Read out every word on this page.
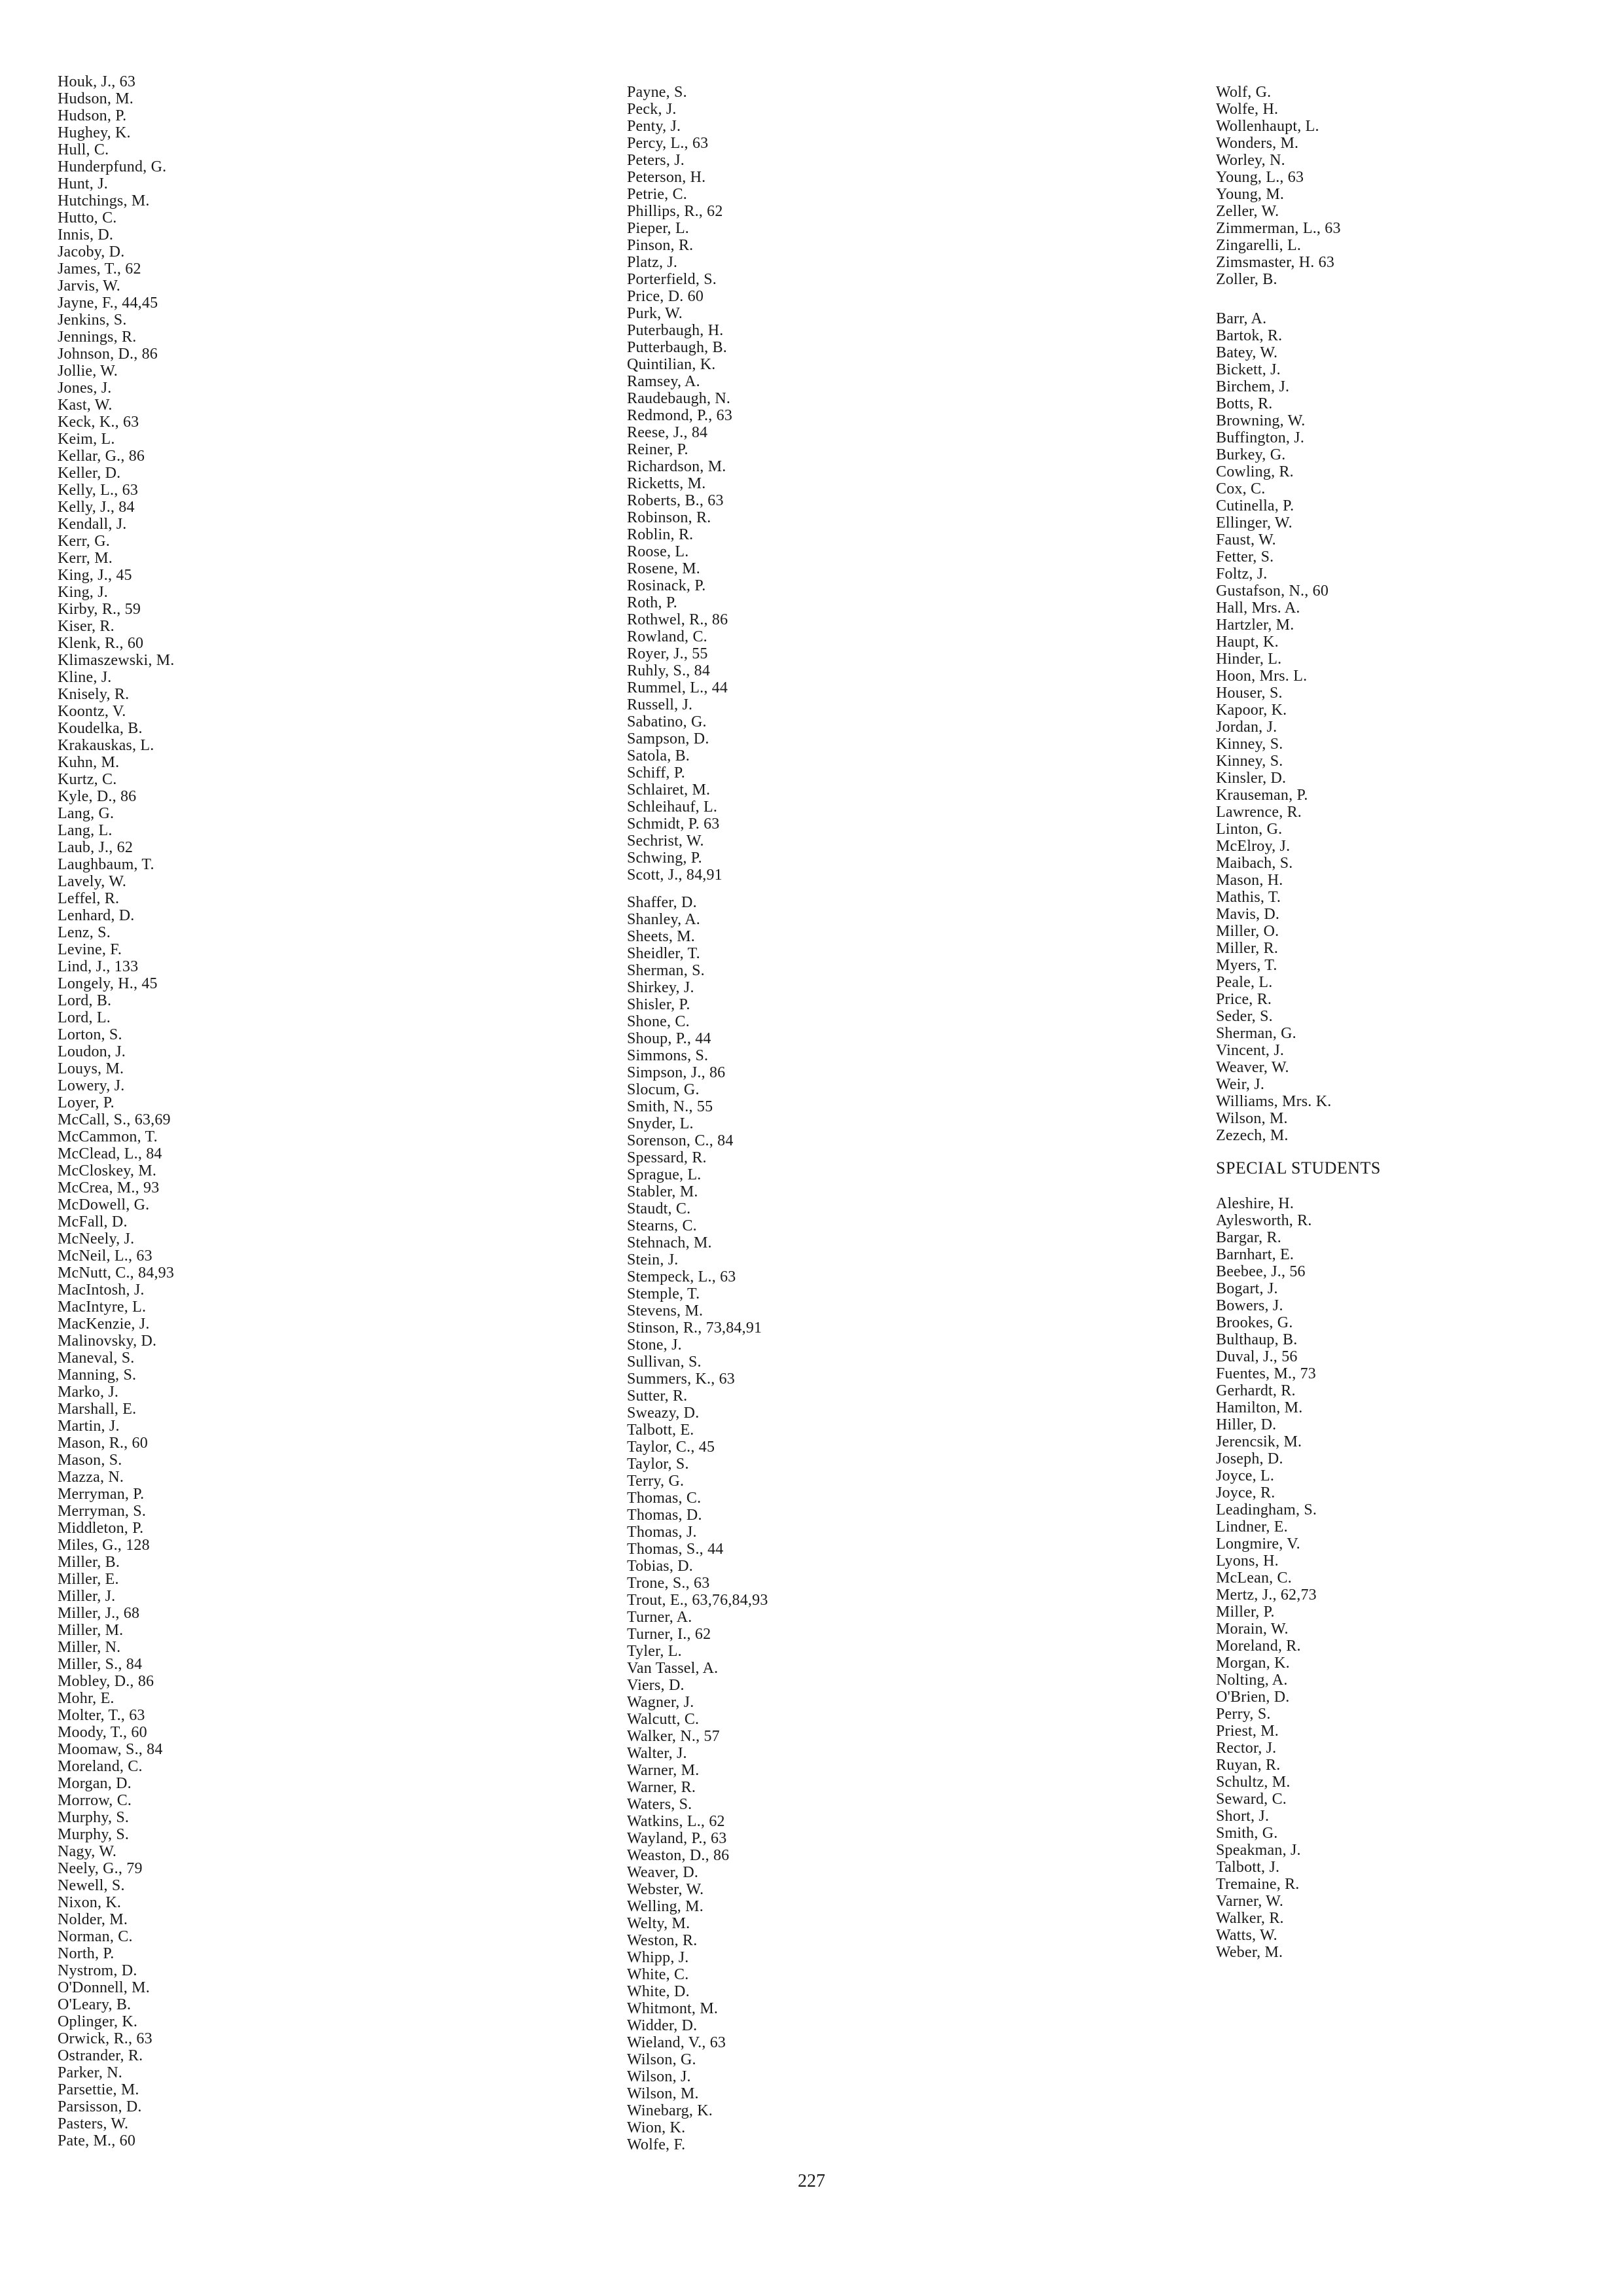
Houk, J., 63
Hudson, M.
Hudson, P.
Hughey, K.
Hull, C.
Hunderpfund, G.
Hunt, J.
Hutchings, M.
Hutto, C.
Innis, D.
Jacoby, D.
James, T., 62
Jarvis, W.
Jayne, F., 44,45
Jenkins, S.
Jennings, R.
Johnson, D., 86
Jollie, W.
Jones, J.
Kast, W.
Keck, K., 63
Keim, L.
Kellar, G., 86
Keller, D.
Kelly, L., 63
Kelly, J., 84
Kendall, J.
Kerr, G.
Kerr, M.
King, J., 45
King, J.
Kirby, R., 59
Kiser, R.
Klenk, R., 60
Klimaszewski, M.
Kline, J.
Knisely, R.
Koontz, V.
Koudelka, B.
Krakauskas, L.
Kuhn, M.
Kurtz, C.
Kyle, D., 86
Lang, G.
Lang, L.
Laub, J., 62
Laughbaum, T.
Lavely, W.
Leffel, R.
Lenhard, D.
Lenz, S.
Levine, F.
Lind, J., 133
Longely, H., 45
Lord, B.
Lord, L.
Lorton, S.
Loudon, J.
Louys, M.
Lowery, J.
Loyer, P.
McCall, S., 63,69
McCammon, T.
McClead, L., 84
McCloskey, M.
McCrea, M., 93
McDowell, G.
McFall, D.
McNeely, J.
McNeil, L., 63
McNutt, C., 84,93
MacIntosh, J.
MacIntyre, L.
MacKenzie, J.
Malinovsky, D.
Maneval, S.
Manning, S.
Marko, J.
Marshall, E.
Martin, J.
Mason, R., 60
Mason, S.
Mazza, N.
Merryman, P.
Merryman, S.
Middleton, P.
Miles, G., 128
Miller, B.
Miller, E.
Miller, J.
Miller, J., 68
Miller, M.
Miller, N.
Miller, S., 84
Mobley, D., 86
Mohr, E.
Molter, T., 63
Moody, T., 60
Moomaw, S., 84
Moreland, C.
Morgan, D.
Morrow, C.
Murphy, S.
Murphy, S.
Nagy, W.
Neely, G., 79
Newell, S.
Nixon, K.
Nolder, M.
Norman, C.
North, P.
Nystrom, D.
O'Donnell, M.
O'Leary, B.
Oplinger, K.
Orwick, R., 63
Ostrander, R.
Parker, N.
Parsettie, M.
Parsisson, D.
Pasters, W.
Pate, M., 60
Payne, S.
Peck, J.
Penty, J.
Percy, L., 63
Peters, J.
Peterson, H.
Petrie, C.
Phillips, R., 62
Pieper, L.
Pinson, R.
Platz, J.
Porterfield, S.
Price, D. 60
Purk, W.
Puterbaugh, H.
Putterbaugh, B.
Quintilian, K.
Ramsey, A.
Raudebaugh, N.
Redmond, P., 63
Reese, J., 84
Reiner, P.
Richardson, M.
Ricketts, M.
Roberts, B., 63
Robinson, R.
Roblin, R.
Roose, L.
Rosene, M.
Rosinack, P.
Roth, P.
Rothwel, R., 86
Rowland, C.
Royer, J., 55
Ruhly, S., 84
Rummel, L., 44
Russell, J.
Sabatino, G.
Sampson, D.
Satola, B.
Schiff, P.
Schlairet, M.
Schleihauf, L.
Schmidt, P. 63
Sechrist, W.
Schwing, P.
Scott, J., 84,91
Shaffer, D.
Shanley, A.
Sheets, M.
Sheidler, T.
Sherman, S.
Shirkey, J.
Shisler, P.
Shone, C.
Shoup, P., 44
Simmons, S.
Simpson, J., 86
Slocum, G.
Smith, N., 55
Snyder, L.
Sorenson, C., 84
Spessard, R.
Sprague, L.
Stabler, M.
Staudt, C.
Stearns, C.
Stehnach, M.
Stein, J.
Stempeck, L., 63
Stemple, T.
Stevens, M.
Stinson, R., 73,84,91
Stone, J.
Sullivan, S.
Summers, K., 63
Sutter, R.
Sweazy, D.
Talbott, E.
Taylor, C., 45
Taylor, S.
Terry, G.
Thomas, C.
Thomas, D.
Thomas, J.
Thomas, S., 44
Tobias, D.
Trone, S., 63
Trout, E., 63,76,84,93
Turner, A.
Turner, I., 62
Tyler, L.
Van Tassel, A.
Viers, D.
Wagner, J.
Walcutt, C.
Walker, N., 57
Walter, J.
Warner, M.
Warner, R.
Waters, S.
Watkins, L., 62
Wayland, P., 63
Weaston, D., 86
Weaver, D.
Webster, W.
Welling, M.
Welty, M.
Weston, R.
Whipp, J.
White, C.
White, D.
Whitmont, M.
Widder, D.
Wieland, V., 63
Wilson, G.
Wilson, J.
Wilson, M.
Winebarg, K.
Wion, K.
Wolfe, F.
Wolf, G.
Wolfe, H.
Wollenhaupt, L.
Wonders, M.
Worley, N.
Young, L., 63
Young, M.
Zeller, W.
Zimmerman, L., 63
Zingarelli, L.
Zimsmaster, H. 63
Zoller, B.
Barr, A.
Bartok, R.
Batey, W.
Bickett, J.
Birchem, J.
Botts, R.
Browning, W.
Buffington, J.
Burkey, G.
Cowling, R.
Cox, C.
Cutinella, P.
Ellinger, W.
Faust, W.
Fetter, S.
Foltz, J.
Gustafson, N., 60
Hall, Mrs. A.
Hartzler, M.
Haupt, K.
Hinder, L.
Hoon, Mrs. L.
Houser, S.
Kapoor, K.
Jordan, J.
Kinney, S.
Kinney, S.
Kinsler, D.
Krauseman, P.
Lawrence, R.
Linton, G.
McElroy, J.
Maibach, S.
Mason, H.
Mathis, T.
Mavis, D.
Miller, O.
Miller, R.
Myers, T.
Peale, L.
Price, R.
Seder, S.
Sherman, G.
Vincent, J.
Weaver, W.
Weir, J.
Williams, Mrs. K.
Wilson, M.
Zezech, M.
SPECIAL STUDENTS
Aleshire, H.
Aylesworth, R.
Bargar, R.
Barnhart, E.
Beebee, J., 56
Bogart, J.
Bowers, J.
Brookes, G.
Bulthaup, B.
Duval, J., 56
Fuentes, M., 73
Gerhardt, R.
Hamilton, M.
Hiller, D.
Jerencsik, M.
Joseph, D.
Joyce, L.
Joyce, R.
Leadingham, S.
Lindner, E.
Longmire, V.
Lyons, H.
McLean, C.
Mertz, J., 62,73
Miller, P.
Morain, W.
Moreland, R.
Morgan, K.
Nolting, A.
O'Brien, D.
Perry, S.
Priest, M.
Rector, J.
Ruyan, R.
Schultz, M.
Seward, C.
Short, J.
Smith, G.
Speakman, J.
Talbott, J.
Tremaine, R.
Varner, W.
Walker, R.
Watts, W.
Weber, M.
227
